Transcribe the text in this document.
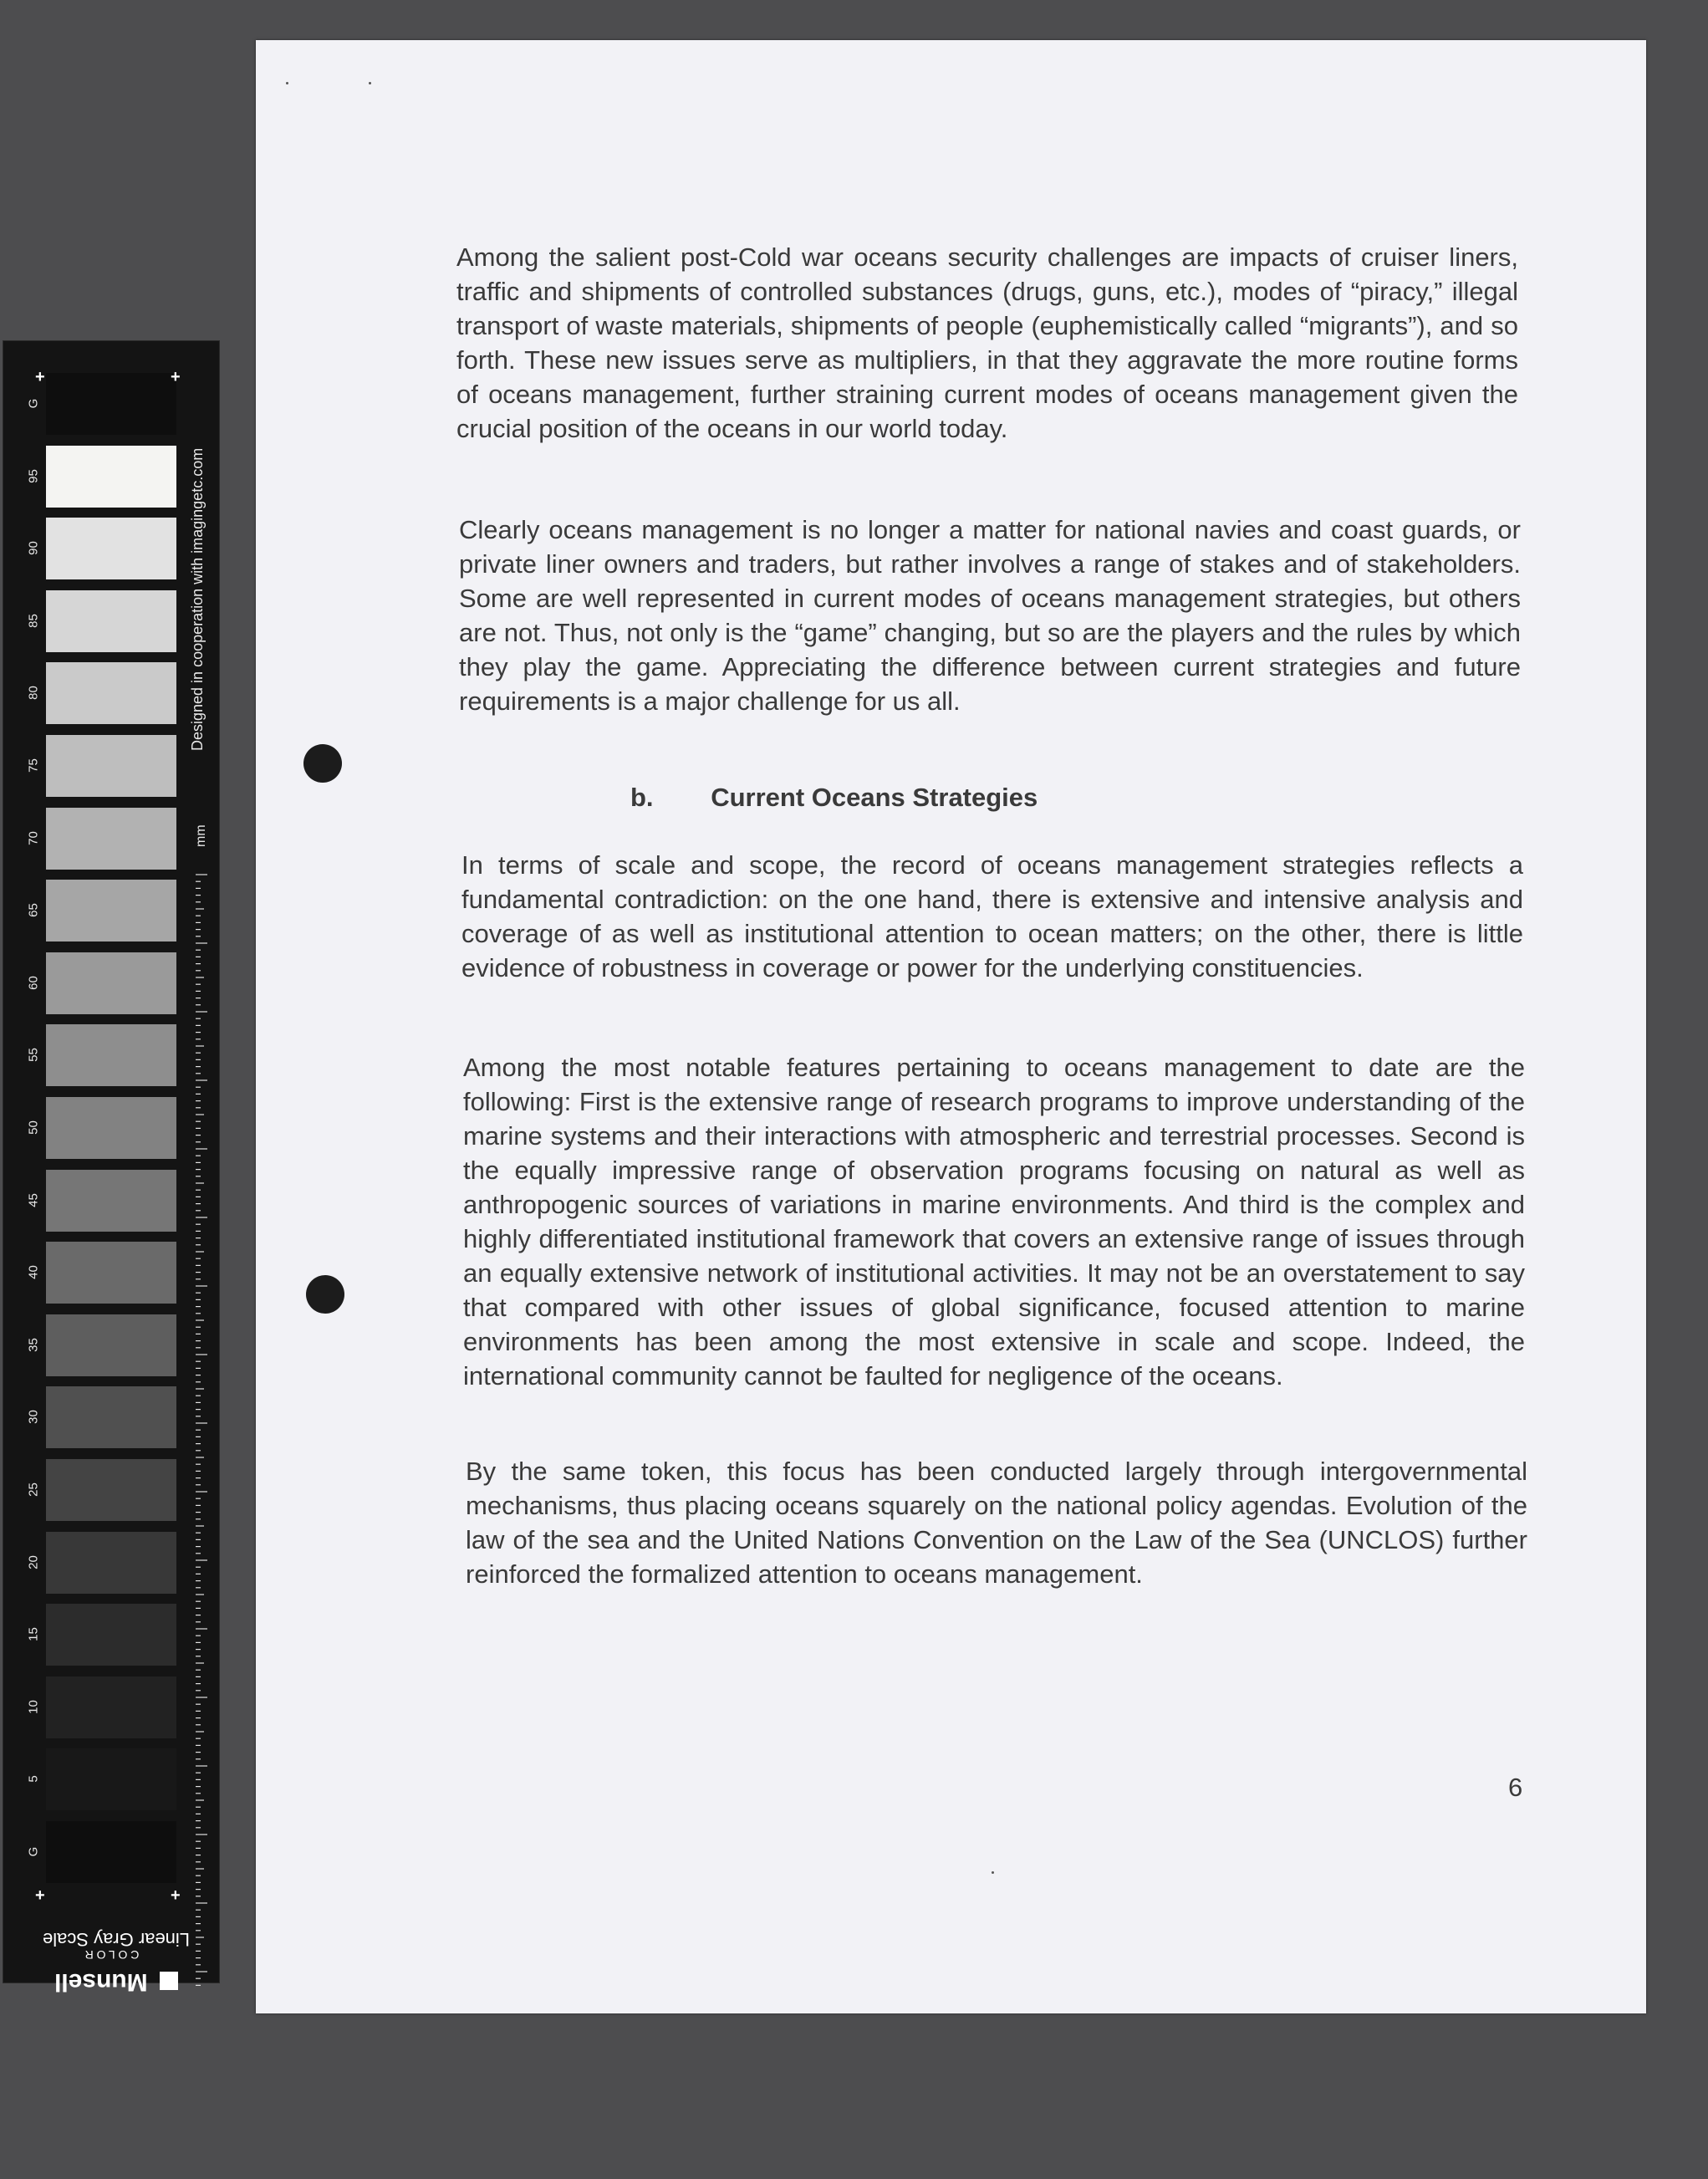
G
95
90
85
80
75
70
65
60
55
50
45
40
35
30
25
20
15
10
5
G
+	+
+	+
Designed in cooperation with imagingetc.com
mm
Linear Gray Scale
Munsell
C O L O R

Among the salient post-Cold war oceans security challenges are impacts of cruiser liners, traffic and shipments of controlled substances (drugs, guns, etc.), modes of “piracy,” illegal transport of waste materials, shipments of people (euphemistically called “migrants”), and so forth. These new issues serve as multipliers, in that they aggravate the more routine forms of oceans management, further straining current modes of oceans management given the crucial position of the oceans in our world today.

Clearly oceans management is no longer a matter for national navies and coast guards, or private liner owners and traders, but rather involves a range of stakes and of stakeholders. Some are well represented in current modes of oceans management strategies, but others are not. Thus, not only is the “game” changing, but so are the players and the rules by which they play the game. Appreciating the difference between current strategies and future requirements is a major challenge for us all.

b. Current Oceans Strategies

In terms of scale and scope, the record of oceans management strategies reflects a fundamental contradiction: on the one hand, there is extensive and intensive analysis and coverage of as well as institutional attention to ocean matters; on the other, there is little evidence of robustness in coverage or power for the underlying constituencies.

Among the most notable features pertaining to oceans management to date are the following: First is the extensive range of research programs to improve understanding of the marine systems and their interactions with atmospheric and terrestrial processes. Second is the equally impressive range of observation programs focusing on natural as well as anthropogenic sources of variations in marine environments. And third is the complex and highly differentiated institutional framework that covers an extensive range of issues through an equally extensive network of institutional activities. It may not be an overstatement to say that compared with other issues of global significance, focused attention to marine environments has been among the most extensive in scale and scope. Indeed, the international community cannot be faulted for negligence of the oceans.

By the same token, this focus has been conducted largely through intergovernmental mechanisms, thus placing oceans squarely on the national policy agendas. Evolution of the law of the sea and the United Nations Convention on the Law of the Sea (UNCLOS) further reinforced the formalized attention to oceans management.

6
